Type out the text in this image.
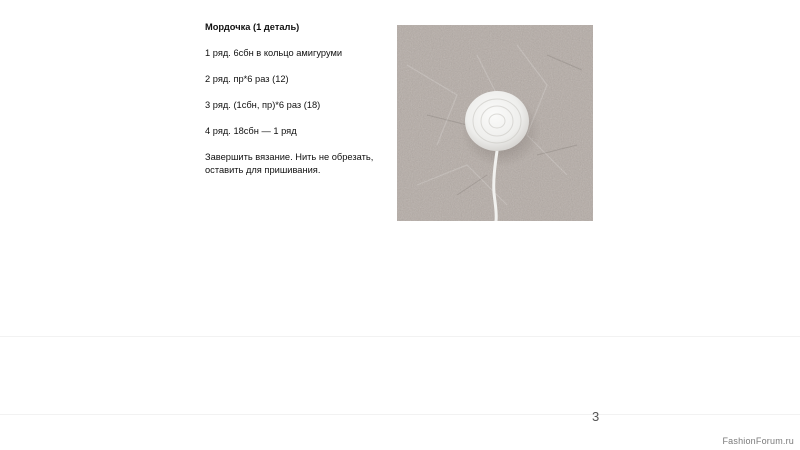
Мордочка (1 деталь)
1 ряд. 6сбн в кольцо амигуруми
2 ряд. пр*6 раз (12)
3 ряд. (1сбн, пр)*6 раз (18)
4 ряд. 18сбн — 1 ряд
Завершить вязание. Нить не обрезать, оставить для пришивания.
3
FashionForum.ru
